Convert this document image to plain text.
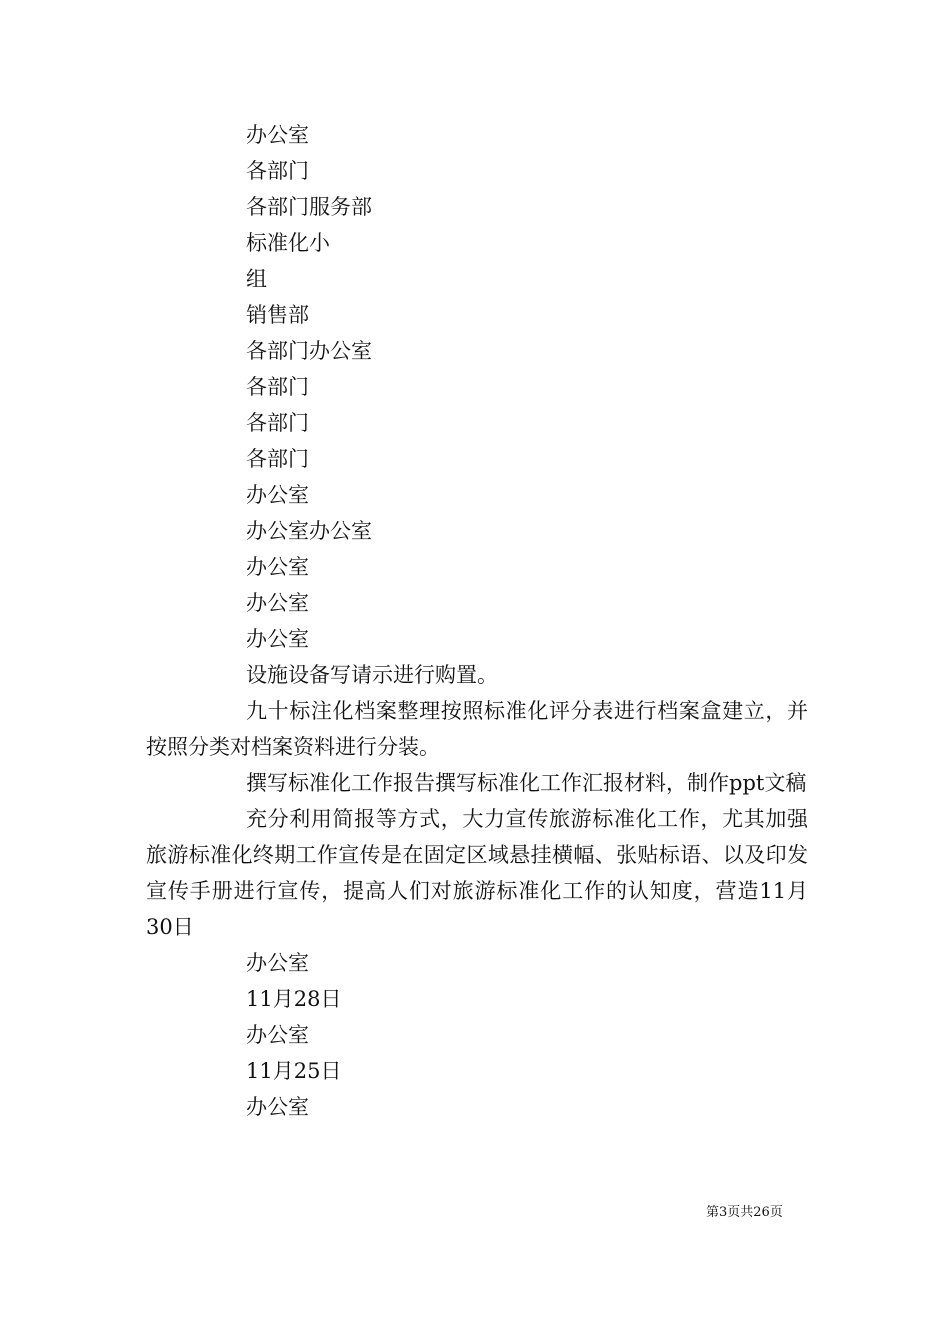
办公室
各部门
各部门服务部
标准化小
组
销售部
各部门办公室
各部门
各部门
各部门
办公室
办公室办公室
办公室
办公室
办公室
设施设备写请示进行购置。

九十标注化档案整理按照标准化评分表进行档案盒建立，并按照分类对档案资料进行分装。

撰写标准化工作报告撰写标准化工作汇报材料，制作ppt文稿

充分利用简报等方式，大力宣传旅游标准化工作，尤其加强旅游标准化终期工作宣传是在固定区域悬挂横幅、张贴标语、以及印发宣传手册进行宣传，提高人们对旅游标准化工作的认知度，营造11月30日

办公室
11月28日
办公室
11月25日
办公室
第3页共26页
